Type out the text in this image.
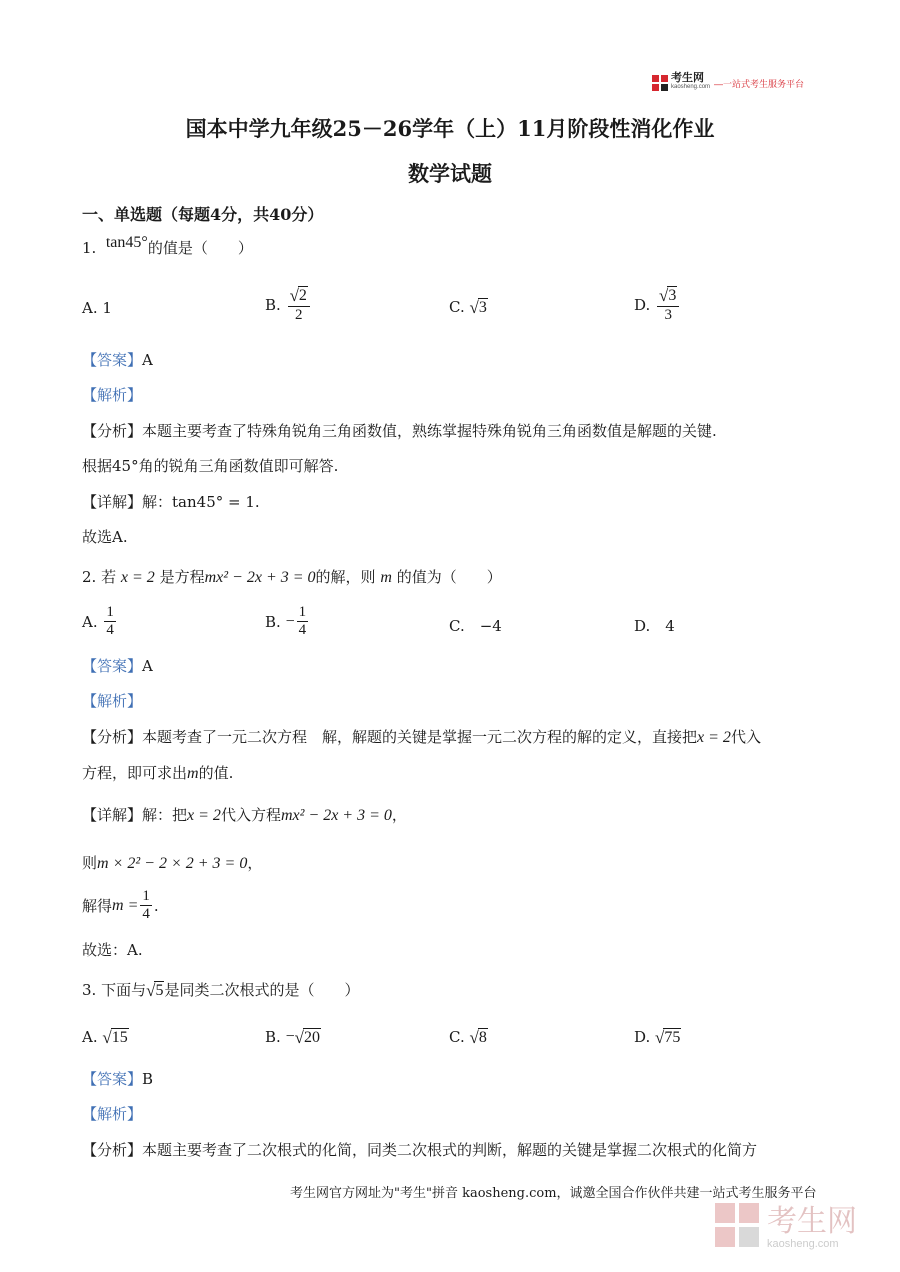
考生网
kaosheng.com —一站式考生服务平台
国本中学九年级25－26学年（上）11月阶段性消化作业
数学试题
一、单选题（每题4分，共40分）
1. tan45°的值是（　　）
A. 1	B.
$\frac{√ 2}{2}$	C.
√ 3	D.
$\frac{√ 3}{3}$
【答案】A
【解析】
【分析】本题主要考查了特殊角锐角三角函数值，熟练掌握特殊角锐角三角函数值是解题的关键.
根据45°角的锐角三角函数值即可解答.
【详解】解：tan45° = 1.
故选A.
2. 若 x = 2 是方程mx² − 2x + 3 = 0的解，则 m 的值为（　　）
A.
$\frac{1}{4}$	B.
− $\frac{1}{4}$	C.　−4	D.　4
【答案】A
【解析】
【分析】本题考查了一元二次方程　解，解题的关键是掌握一元二次方程的解的定义，直接把x = 2代入
方程，即可求出m的值.
【详解】解：把x = 2代入方程mx² − 2x + 3 = 0，
则m × 2² − 2 × 2 + 3 = 0，
解得 $m = \frac{1}{4}$ .
故选：A.
3.
下面与 √ 5 是同类二次根式的是（　　）
A.
√ 15	B.
− √ 20	C.
√ 8	D.
√ 75
【答案】B
【解析】
【分析】本题主要考查了二次根式的化简，同类二次根式的判断，解题的关键是掌握二次根式的化简方
考生网官方网址为"考生"拼音 kaosheng.com，诚邀全国合作伙伴共建一站式考生服务平台
考生网
kaosheng.com
